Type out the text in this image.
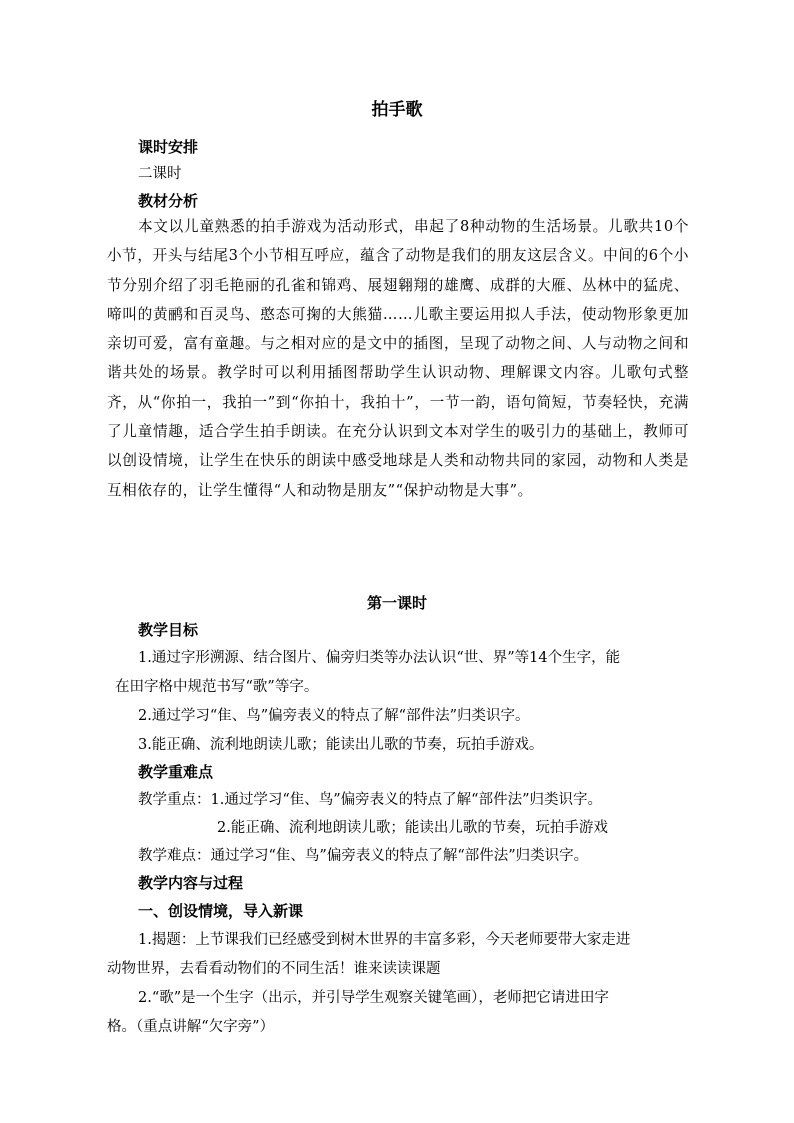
拍手歌
课时安排
二课时
教材分析
本文以儿童熟悉的拍手游戏为活动形式，串起了8种动物的生活场景。儿歌共10个小节，开头与结尾3个小节相互呼应，蕴含了动物是我们的朋友这层含义。中间的6个小节分别介绍了羽毛艳丽的孔雀和锦鸡、展翅翱翔的雄鹰、成群的大雁、丛林中的猛虎、啼叫的黄鹂和百灵鸟、憨态可掬的大熊猫……儿歌主要运用拟人手法，使动物形象更加亲切可爱，富有童趣。与之相对应的是文中的插图，呈现了动物之间、人与动物之间和谐共处的场景。教学时可以利用插图帮助学生认识动物、理解课文内容。儿歌句式整齐，从“你拍一，我拍一”到“你拍十，我拍十”，一节一韵，语句简短，节奏轻快，充满了儿童情趣，适合学生拍手朗读。在充分认识到文本对学生的吸引力的基础上，教师可以创设情境，让学生在快乐的朗读中感受地球是人类和动物共同的家园，动物和人类是互相依存的，让学生懂得“人和动物是朋友”“保护动物是大事”。
第一课时
教学目标
1.通过字形溯源、结合图片、偏旁归类等办法认识“世、界”等14个生字，能
在田字格中规范书写“歌”等字。
2.通过学习“隹、鸟”偏旁表义的特点了解“部件法”归类识字。
3.能正确、流利地朗读儿歌；能读出儿歌的节奏，玩拍手游戏。
教学重难点
教学重点：1.通过学习“隹、鸟”偏旁表义的特点了解“部件法”归类识字。
2.能正确、流利地朗读儿歌；能读出儿歌的节奏，玩拍手游戏
教学难点：通过学习“隹、鸟”偏旁表义的特点了解“部件法”归类识字。
教学内容与过程
一、创设情境，导入新课
1.揭题：上节课我们已经感受到树木世界的丰富多彩，今天老师要带大家走进
动物世界，去看看动物们的不同生活！谁来读读课题
2.“歌”是一个生字（出示，并引导学生观察关键笔画），老师把它请进田字
格。（重点讲解“欠字旁”）
